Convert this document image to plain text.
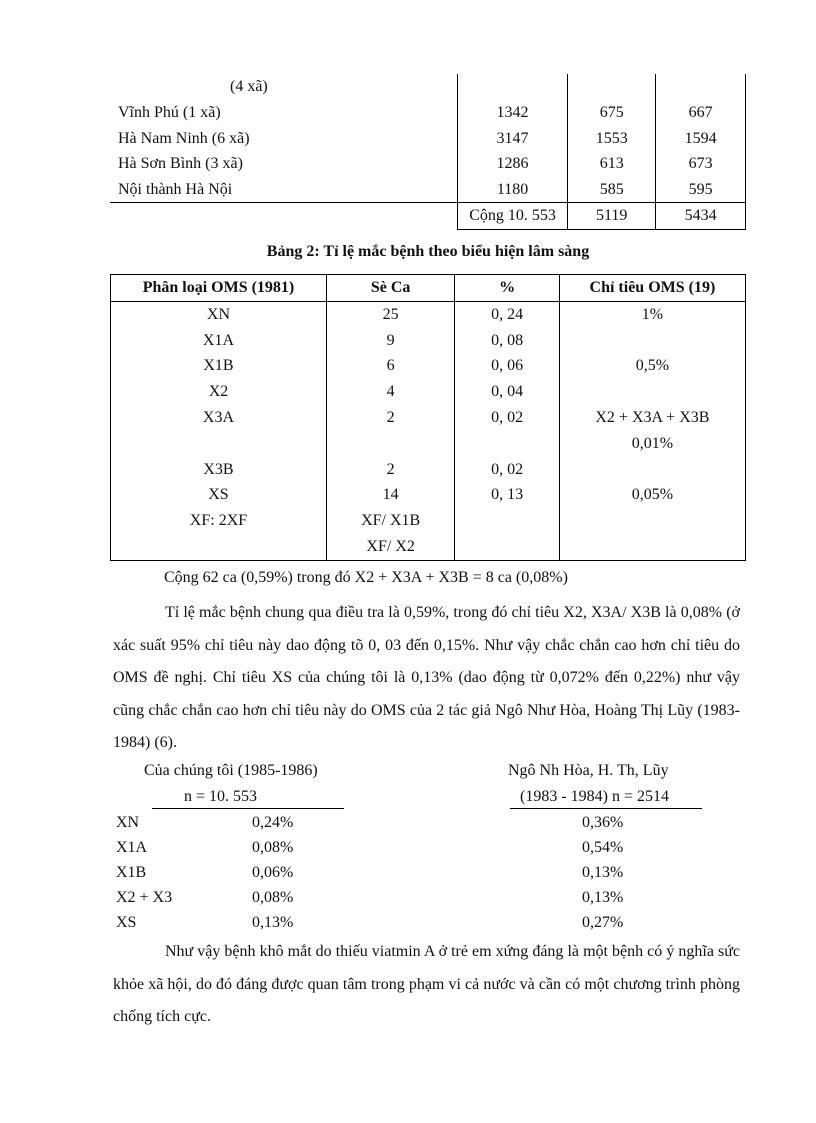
(4 xã)			
Vĩnh Phú (1 xã)	1342	675	667
Hà Nam Ninh (6 xã)	3147	1553	1594
Hà Sơn Bình (3 xã)	1286	613	673
Nội thành Hà Nội	1180	585	595
	Cộng 10. 553	5119	5434
Bảng 2: Tỉ lệ mắc bệnh theo biểu hiện lâm sàng
Phân loại OMS (1981)	Sè Ca	%	Chỉ tiêu OMS (19)
XN	25	0, 24	1%
X1A	9	0, 08	
X1B	6	0, 06	0,5%
X2	4	0, 04	
X3A	2	0, 02	X2 + X3A + X3B
			0,01%
X3B	2	0, 02	
XS	14	0, 13	0,05%
XF: 2XF	XF/ X1B		
	XF/ X2		
Cộng 62 ca (0,59%) trong đó X2 + X3A + X3B = 8 ca (0,08%)
Tỉ lệ mắc bệnh chung qua điều tra là 0,59%, trong đó chỉ tiêu X2, X3A/ X3B là 0,08% (ở xác suất 95% chỉ tiêu này dao động tõ 0, 03 đến 0,15%. Như vậy chắc chắn cao hơn chỉ tiêu do OMS đề nghị. Chỉ tiêu XS của chúng tôi là 0,13% (dao động từ 0,072% đến 0,22%) như vậy cũng chắc chắn cao hơn chỉ tiêu này do OMS của 2 tác giả Ngô Như Hòa, Hoàng Thị Lũy (1983-1984) (6).
Của chúng tôi (1985-1986)
n = 10. 553
Ngô Nh Hòa, H. Th, Lũy
(1983 - 1984) n = 2514
XN	0,24%	0,36%
X1A	0,08%	0,54%
X1B	0,06%	0,13%
X2 + X3	0,08%	0,13%
XS	0,13%	0,27%
Như vậy bệnh khô mắt do thiếu viatmin A ở trẻ em xứng đáng là một bệnh có ý nghĩa sức khỏe xã hội, do đó đáng được quan tâm trong phạm vi cả nước và cần có một chương trình phòng chống tích cực.
